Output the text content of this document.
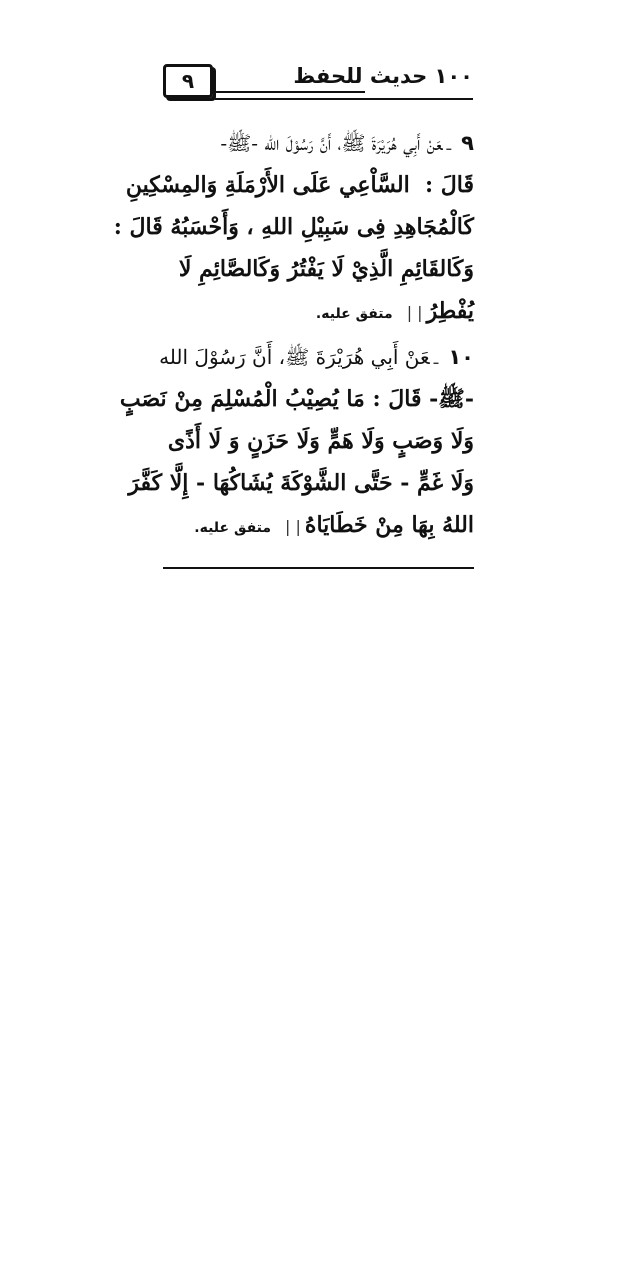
٩	١٠٠ حديث للحفظ
٩ـعَنْ أَبِي هُرَيْرَةَ ﷺ، أَنَّ رَسُوْلَ الله -ﷺ-
قَالَ : ‌‌ السَّاْعِي عَلَى الأَرْمَلَةِ وَالمِسْكِينِ
كَالْمُجَاهِدِ فِى سَبِيْلِ اللهِ ، وَأَحْسَبُهُ قَالَ :
وَكَالقَائِمِ الَّذِيْ لَا يَفْتُرُ وَكَالصَّائِمِ لَا
يُفْطِرُ| |متفق عليه.
١٠ـعَنْ أَبِي هُرَيْرَةَ ﷺ، أَنَّ رَسُوْلَ الله
-ﷺ- قَالَ : مَا يُصِيْبُ الْمُسْلِمَ مِنْ نَصَبٍ
وَلَا وَصَبٍ وَلَا هَمٍّ وَلَا حَزَنٍ وَ لَا أَذًى
وَلَا غَمٍّ - حَتَّى الشَّوْكَةَ يُشَاكُهَا - إِلَّا كَفَّرَ
اللهُ بِهَا مِنْ خَطَايَاهُ| |متفق عليه.
